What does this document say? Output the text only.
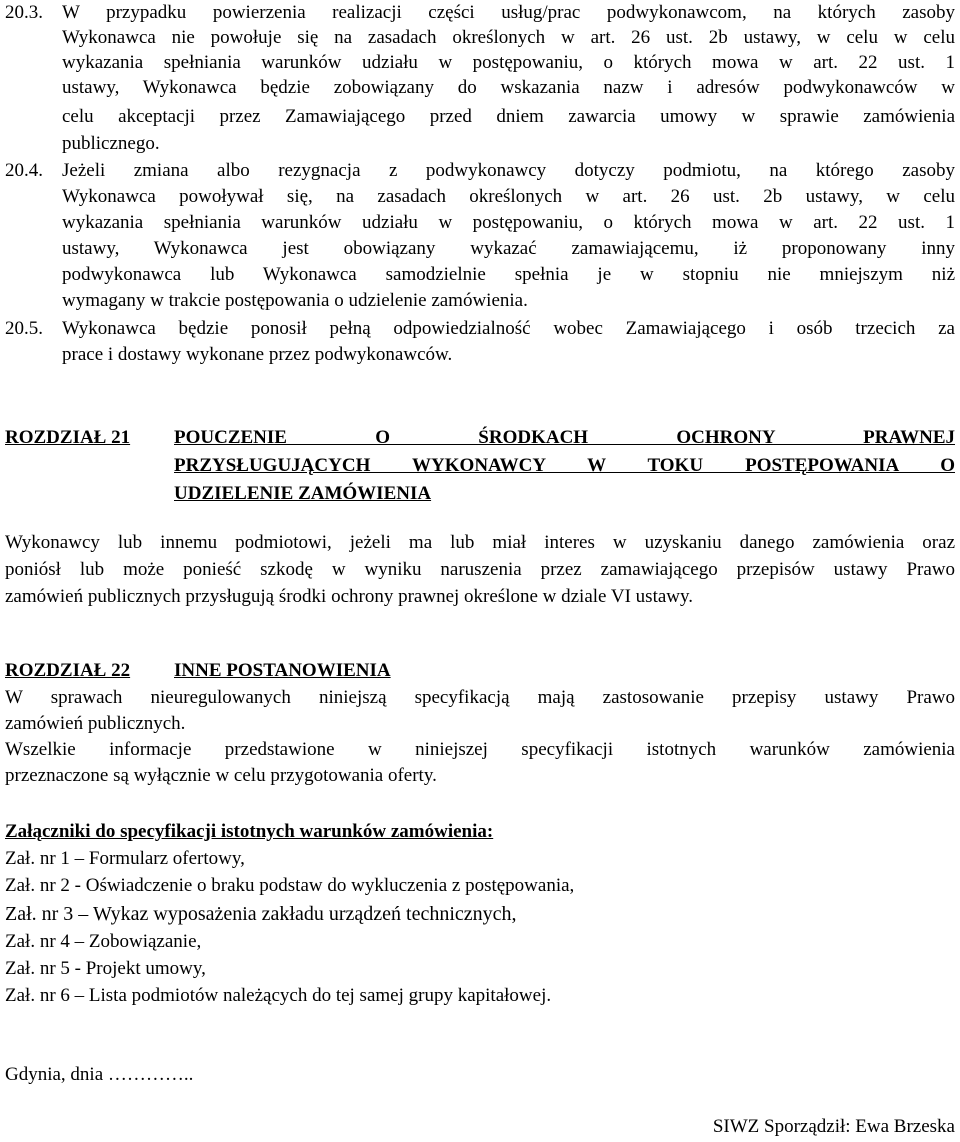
20.3. W przypadku powierzenia realizacji części usług/prac podwykonawcom, na których zasoby
Wykonawca nie powołuje się na zasadach określonych w art. 26 ust. 2b ustawy, w celu w celu
wykazania spełniania warunków udziału w postępowaniu, o których mowa w art. 22 ust. 1
ustawy, Wykonawca będzie zobowiązany do wskazania nazw i adresów podwykonawców w
celu akceptacji przez Zamawiającego przed dniem zawarcia umowy w sprawie zamówienia
publicznego.
20.4. Jeżeli zmiana albo rezygnacja z podwykonawcy dotyczy podmiotu, na którego zasoby
Wykonawca powoływał się, na zasadach określonych w art. 26 ust. 2b ustawy, w celu
wykazania spełniania warunków udziału w postępowaniu, o których mowa w art. 22 ust. 1
ustawy, Wykonawca jest obowiązany wykazać zamawiającemu, iż proponowany inny
podwykonawca lub Wykonawca samodzielnie spełnia je w stopniu nie mniejszym niż
wymagany w trakcie postępowania o udzielenie zamówienia.
20.5. Wykonawca będzie ponosił pełną odpowiedzialność wobec Zamawiającego i osób trzecich za
prace i dostawy wykonane przez podwykonawców.
ROZDZIAŁ 21 POUCZENIE O ŚRODKACH OCHRONY PRAWNEJ
PRZYSŁUGUJĄCYCH WYKONAWCY W TOKU POSTĘPOWANIA O
UDZIELENIE ZAMÓWIENIA
Wykonawcy lub innemu podmiotowi, jeżeli ma lub miał interes w uzyskaniu danego zamówienia oraz
poniósł lub może ponieść szkodę w wyniku naruszenia przez zamawiającego przepisów ustawy Prawo
zamówień publicznych przysługują środki ochrony prawnej określone w dziale VI ustawy.
ROZDZIAŁ 22 INNE POSTANOWIENIA
W sprawach nieuregulowanych niniejszą specyfikacją mają zastosowanie przepisy ustawy Prawo
zamówień publicznych.
Wszelkie informacje przedstawione w niniejszej specyfikacji istotnych warunków zamówienia
przeznaczone są wyłącznie w celu przygotowania oferty.
Załączniki do specyfikacji istotnych warunków zamówienia:
Zał. nr 1 – Formularz ofertowy,
Zał. nr 2 - Oświadczenie o braku podstaw do wykluczenia z postępowania,
Zał. nr 3 – Wykaz wyposażenia zakładu urządzeń technicznych,
Zał. nr 4 – Zobowiązanie,
Zał. nr 5 - Projekt umowy,
Zał. nr 6 – Lista podmiotów należących do tej samej grupy kapitałowej.
Gdynia, dnia …………..
SIWZ Sporządził: Ewa Brzeska
